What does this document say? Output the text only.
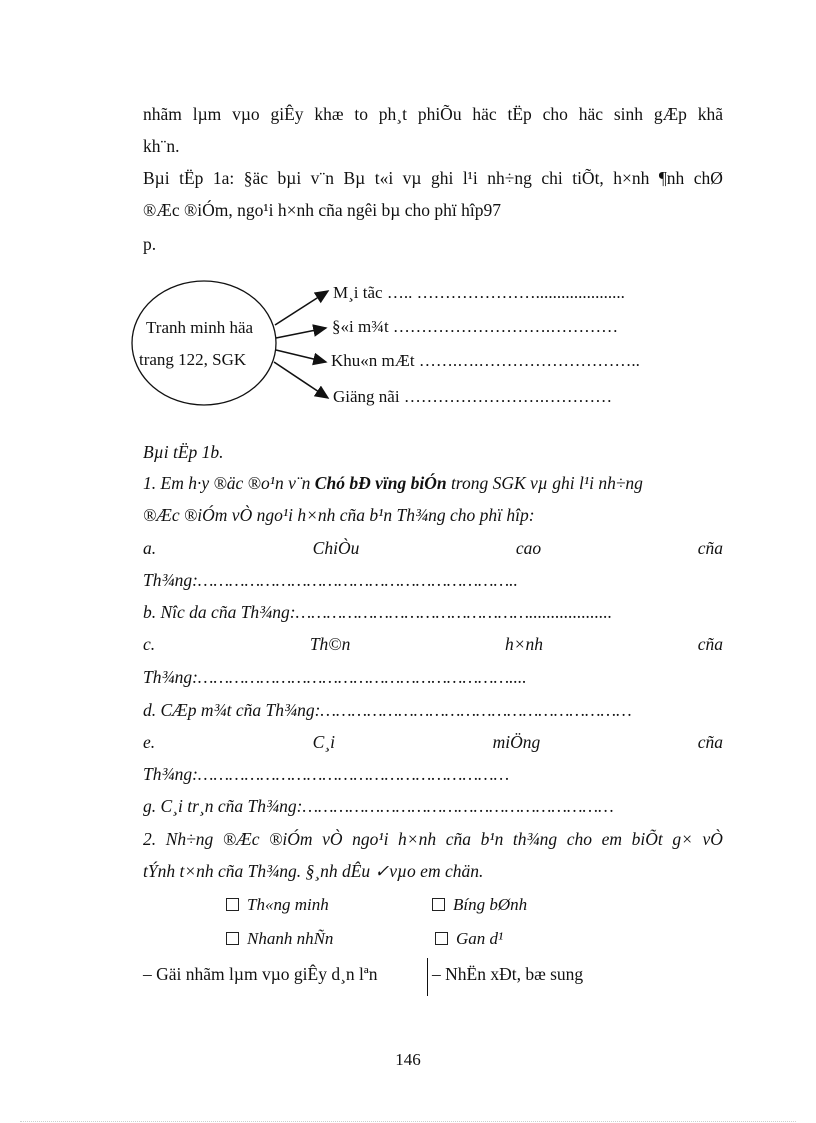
nhãm lµm vµo giÊy khæ to ph¸t phiÕu häc tËp cho häc sinh gÆp khã
kh¨n.
Bµi tËp 1a: §äc bµi v¨n Bµ t«i vµ ghi l¹i nh÷ng chi tiÕt, h×nh ¶nh chØ
®Æc ®iÓm, ngo¹i h×nh cña ngêi bµ cho phï hîp97
p.
Tranh minh häa
trang 122, SGK
M¸i tãc ….. ………………….....................
§«i m¾t ……………………….…………
Khu«n mÆt …….….………………………..
Giäng nãi …………………….…………
Bµi tËp 1b.
1. Em h·y ®äc ®o¹n v¨n Chó bÐ vïng biÓn trong SGK vµ ghi l¹i nh÷ng
®Æc ®iÓm vÒ ngo¹i h×nh cña b¹n Th¾ng cho phï hîp:
a.	ChiÒu	cao	cña
Th¾ng:……………………………………………………..
b. Nîc da cña Th¾ng:………………………………………...................
c.	Th©n	h×nh	cña
Th¾ng:……………………………………………………....
d. CÆp m¾t cña Th¾ng:……………………………………………………
e.	C¸i	miÖng	cña
Th¾ng:……………………………………………………
g. C¸i tr¸n cña Th¾ng:……………………………………………………
2. Nh÷ng ®Æc ®iÓm vÒ ngo¹i h×nh cña b¹n th¾ng cho em biÕt g× vÒ
tÝnh t×nh cña Th¾ng. §¸nh dÊu ✓vµo em chän.
Th«ng minh	Bíng bØnh
Nhanh nhÑn	Gan d¹
– Gäi nhãm lµm vµo giÊy d¸n lªn	– NhËn xÐt, bæ sung
146
